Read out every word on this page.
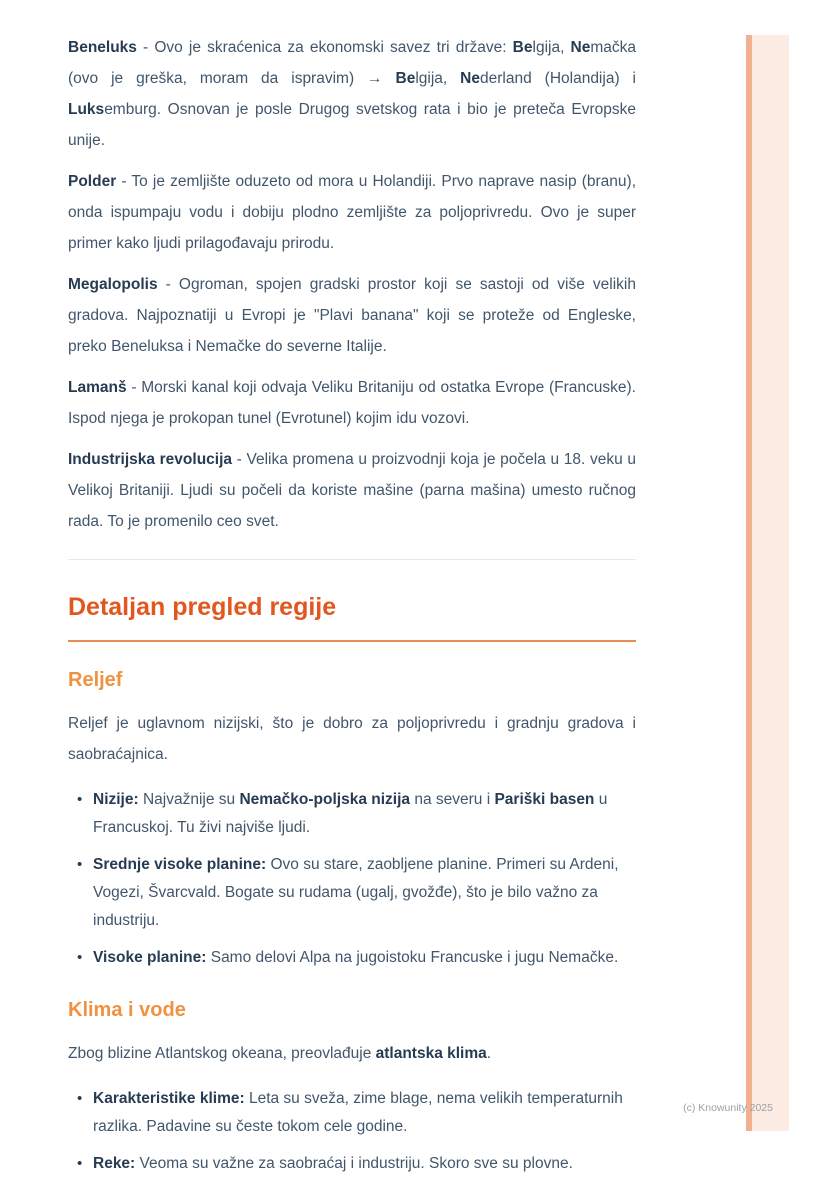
Beneluks - Ovo je skraćenica za ekonomski savez tri države: Belgija, Nemačka (ovo je greška, moram da ispravim) → Belgija, Nederland (Holandija) i Luksemburg. Osnovan je posle Drugog svetskog rata i bio je preteča Evropske unije.

Polder - To je zemljište oduzeto od mora u Holandiji. Prvo naprave nasip (branu), onda ispumpaju vodu i dobiju plodno zemljište za poljoprivredu. Ovo je super primer kako ljudi prilagođavaju prirodu.

Megalopolis - Ogroman, spojen gradski prostor koji se sastoji od više velikih gradova. Najpoznatiji u Evropi je "Plavi banana" koji se proteže od Engleske, preko Beneluksa i Nemačke do severne Italije.

Lamanš - Morski kanal koji odvaja Veliku Britaniju od ostatka Evrope (Francuske). Ispod njega je prokopan tunel (Evrotunel) kojim idu vozovi.

Industrijska revolucija - Velika promena u proizvodnji koja je počela u 18. veku u Velikoj Britaniji. Ljudi su počeli da koriste mašine (parna mašina) umesto ručnog rada. To je promenilo ceo svet.

Detaljan pregled regije
Reljef

Reljef je uglavnom nizijski, što je dobro za poljoprivredu i gradnju gradova i saobraćajnica.

• Nizije: Najvažnije su Nemačko-poljska nizija na severu i Pariški basen u Francuskoj. Tu živi najviše ljudi.
• Srednje visoke planine: Ovo su stare, zaobljene planine. Primeri su Ardeni, Vogezi, Švarcvald. Bogate su rudama (ugalj, gvožđe), što je bilo važno za industriju.
• Visoke planine: Samo delovi Alpa na jugoistoku Francuske i jugu Nemačke.
Klima i vode

Zbog blizine Atlantskog okeana, preovlađuje atlantska klima.

• Karakteristike klime: Leta su sveža, zime blage, nema velikih temperaturnih razlika. Padavine su česte tokom cele godine.
• Reke: Veoma su važne za saobraćaj i industriju. Skoro sve su plovne.
(c) Knowunity 2025
